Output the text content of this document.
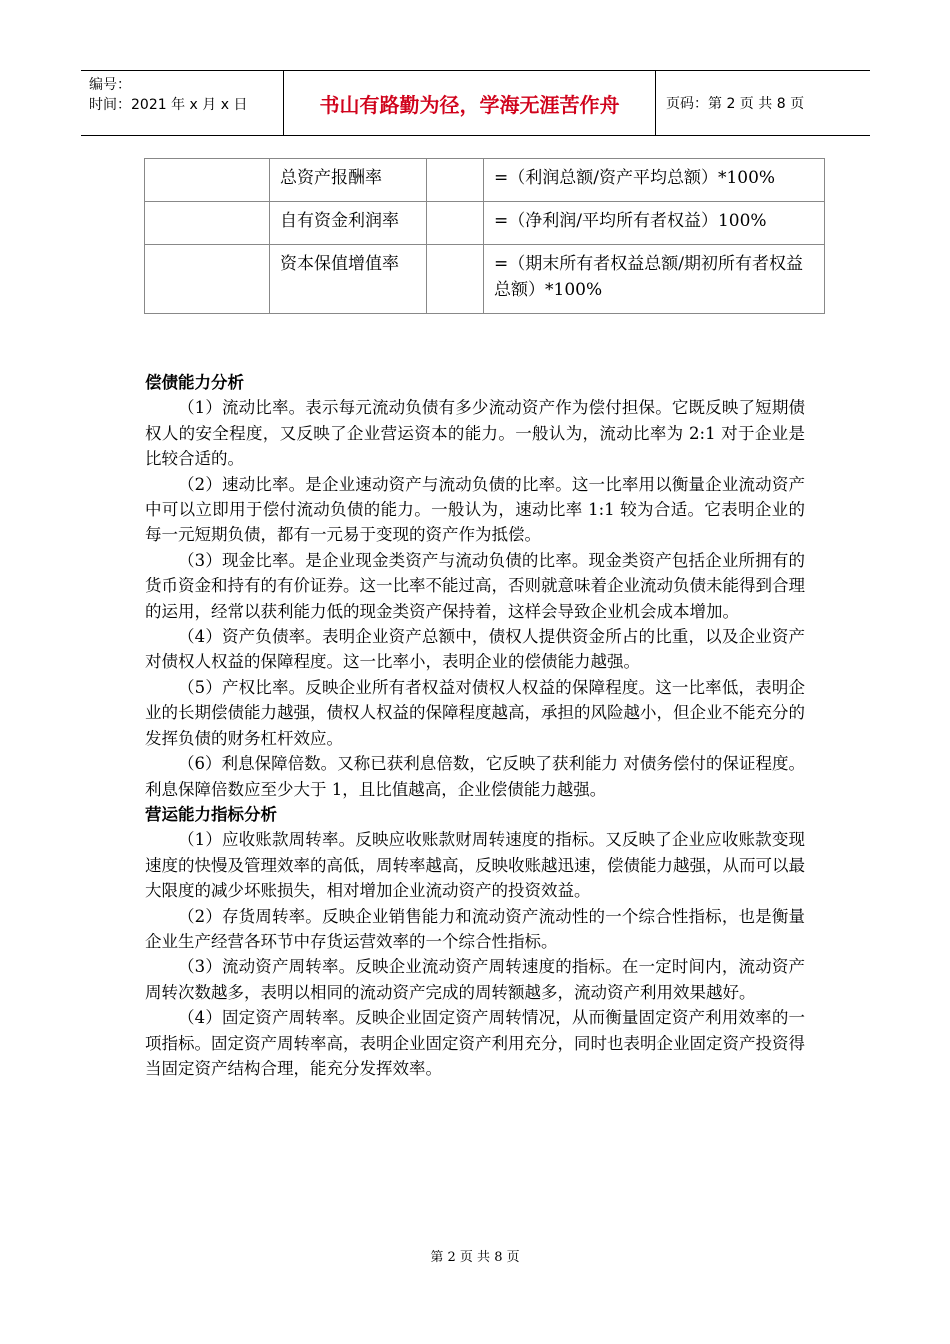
编号：
时间：2021 年 x 月 x 日	书山有路勤为径，学海无涯苦作舟	页码：第 2 页 共 8 页
	总资产报酬率		=（利润总额/资产平均总额）*100%
	自有资金利润率		=（净利润/平均所有者权益）100%
	资本保值增值率		=（期末所有者权益总额/期初所有者权益总额）*100%
偿债能力分析

（1）流动比率。表示每元流动负债有多少流动资产作为偿付担保。它既反映了短期债权人的安全程度，又反映了企业营运资本的能力。一般认为，流动比率为 2:1 对于企业是比较合适的。

（2）速动比率。是企业速动资产与流动负债的比率。这一比率用以衡量企业流动资产中可以立即用于偿付流动负债的能力。一般认为，速动比率 1:1 较为合适。它表明企业的每一元短期负债，都有一元易于变现的资产作为抵偿。

（3）现金比率。是企业现金类资产与流动负债的比率。现金类资产包括企业所拥有的货币资金和持有的有价证券。这一比率不能过高，否则就意味着企业流动负债未能得到合理的运用，经常以获利能力低的现金类资产保持着，这样会导致企业机会成本增加。

（4）资产负债率。表明企业资产总额中，债权人提供资金所占的比重，以及企业资产对债权人权益的保障程度。这一比率小，表明企业的偿债能力越强。

（5）产权比率。反映企业所有者权益对债权人权益的保障程度。这一比率低，表明企业的长期偿债能力越强，债权人权益的保障程度越高，承担的风险越小，但企业不能充分的发挥负债的财务杠杆效应。

（6）利息保障倍数。又称已获利息倍数，它反映了获利能力 对债务偿付的保证程度。利息保障倍数应至少大于 1，且比值越高，企业偿债能力越强。

营运能力指标分析

（1）应收账款周转率。反映应收账款财周转速度的指标。又反映了企业应收账款变现速度的快慢及管理效率的高低，周转率越高，反映收账越迅速，偿债能力越强，从而可以最大限度的减少坏账损失，相对增加企业流动资产的投资效益。

（2）存货周转率。反映企业销售能力和流动资产流动性的一个综合性指标，也是衡量企业生产经营各环节中存货运营效率的一个综合性指标。

（3）流动资产周转率。反映企业流动资产周转速度的指标。在一定时间内，流动资产周转次数越多，表明以相同的流动资产完成的周转额越多，流动资产利用效果越好。

（4）固定资产周转率。反映企业固定资产周转情况，从而衡量固定资产利用效率的一项指标。固定资产周转率高，表明企业固定资产利用充分，同时也表明企业固定资产投资得当固定资产结构合理，能充分发挥效率。

第 2 页 共 8 页
